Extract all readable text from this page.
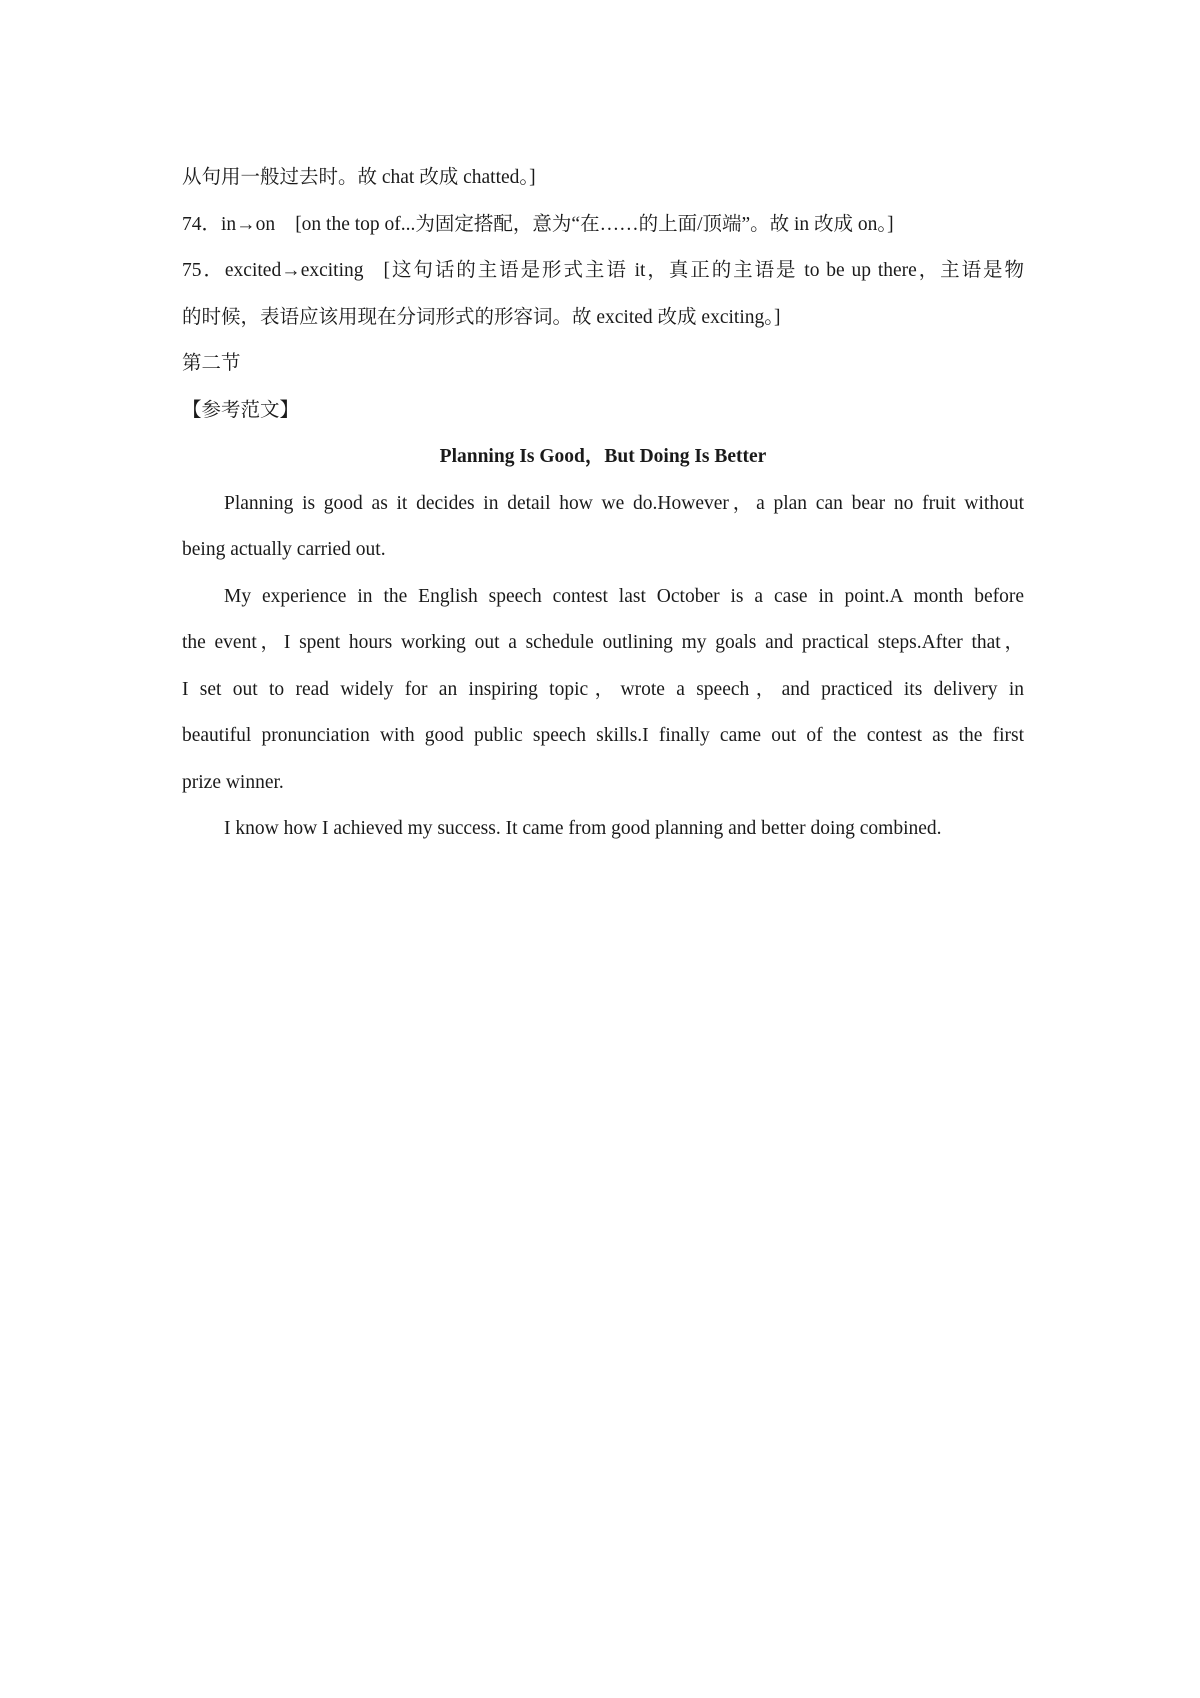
从句用一般过去时。故 chat 改成 chatted。]
74．in→on [on the top of...为固定搭配，意为“在……的上面/顶端”。故 in 改成 on。]
75．excited→exciting [这句话的主语是形式主语 it，真正的主语是 to be up there，主语是物
的时候，表语应该用现在分词形式的形容词。故 excited 改成 exciting。]
第二节
【参考范文】
Planning Is Good，But Doing Is Better
Planning is good as it decides in detail how we do.However，a plan can bear no fruit without
being actually carried out.
My experience in the English speech contest last October is a case in point.A month before
the event，I spent hours working out a schedule outlining my goals and practical steps.After that，
I set out to read widely for an inspiring topic，wrote a speech，and practiced its delivery in
beautiful pronunciation with good public speech skills.I finally came out of the contest as the first
prize winner.
I know how I achieved my success. It came from good planning and better doing combined.
